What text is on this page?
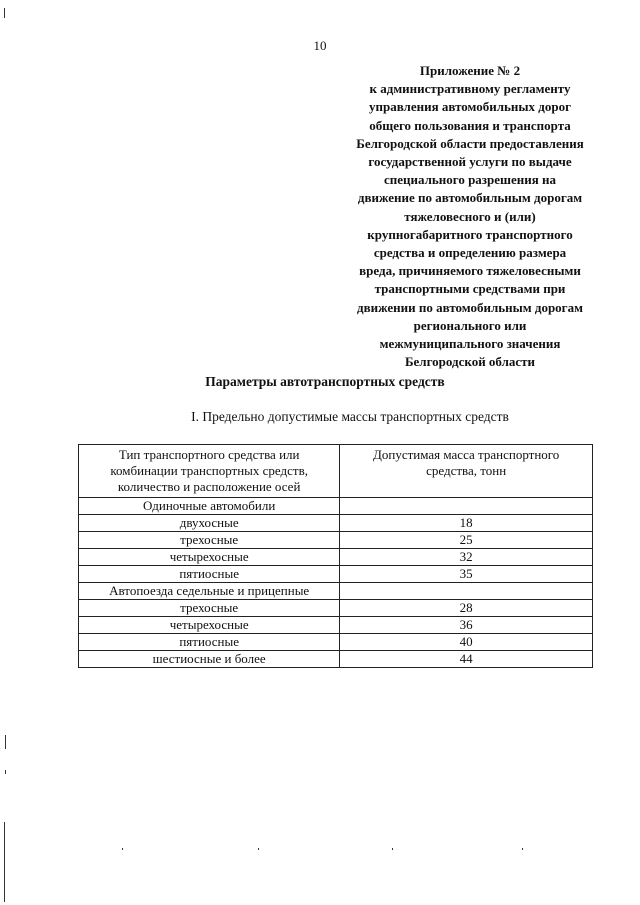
10
Приложение № 2
к административному регламенту
управления автомобильных дорог
общего пользования и транспорта
Белгородской области предоставления
государственной услуги по выдаче
специального разрешения на
движение по автомобильным дорогам
тяжеловесного и (или)
крупногабаритного транспортного
средства и определению размера
вреда, причиняемого тяжеловесными
транспортными средствами при
движении по автомобильным дорогам
регионального или
межмуниципального значения
Белгородской области
Параметры автотранспортных средств
I. Предельно допустимые массы транспортных средств
Тип транспортного средства или
комбинации транспортных средств,
количество и расположение осей	Допустимая масса транспортного
средства, тонн

Одиночные автомобили	
двухосные	18
трехосные	25
четырехосные	32
пятиосные	35
Автопоезда седельные и прицепные	
трехосные	28
четырехосные	36
пятиосные	40
шестиосные и более	44
